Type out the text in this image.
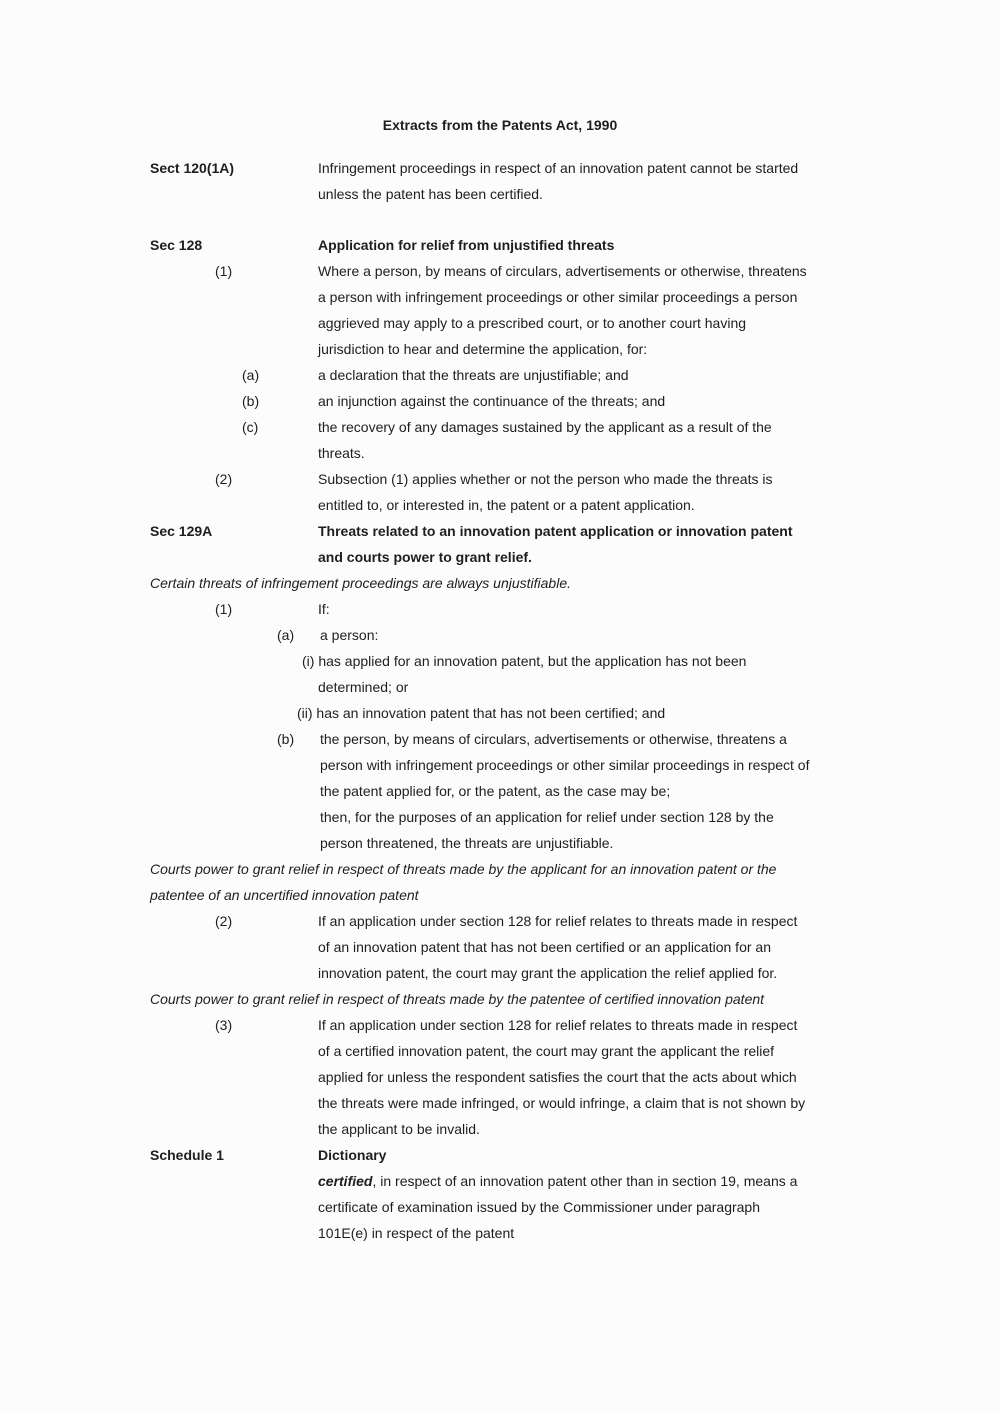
Extracts from the Patents Act, 1990
Sect 120(1A)	Infringement proceedings in respect of an innovation patent cannot be started
unless the patent has been certified.
Sec 128	Application for relief from unjustified threats
(1)	Where a person, by means of circulars, advertisements or otherwise, threatens
a person with infringement proceedings or other similar proceedings a person
aggrieved may apply to a prescribed court, or to another court having
jurisdiction to hear and determine the application, for:
(a)	a declaration that the threats are unjustifiable; and
(b)	an injunction against the continuance of the threats; and
(c)	the recovery of any damages sustained by the applicant as a result of the
threats.
(2)	Subsection (1) applies whether or not the person who made the threats is
entitled to, or interested in, the patent or a patent application.
Sec 129A	Threats related to an innovation patent application or innovation patent
and courts power to grant relief.
Certain threats of infringement proceedings are always unjustifiable.
(1)	If:
(a) a person:
(i) has applied for an innovation patent, but the application has not been
determined; or
(ii) has an innovation patent that has not been certified; and
(b) the person, by means of circulars, advertisements or otherwise, threatens a
person with infringement proceedings or other similar proceedings in respect of
the patent applied for, or the patent, as the case may be;
then, for the purposes of an application for relief under section 128 by the
person threatened, the threats are unjustifiable.
Courts power to grant relief in respect of threats made by the applicant for an innovation patent or the
patentee of an uncertified innovation patent
(2)	If an application under section 128 for relief relates to threats made in respect
of an innovation patent that has not been certified or an application for an
innovation patent, the court may grant the application the relief applied for.
Courts power to grant relief in respect of threats made by the patentee of certified innovation patent
(3)	If an application under section 128 for relief relates to threats made in respect
of a certified innovation patent, the court may grant the applicant the relief
applied for unless the respondent satisfies the court that the acts about which
the threats were made infringed, or would infringe, a claim that is not shown by
the applicant to be invalid.
Schedule 1	Dictionary
certified, in respect of an innovation patent other than in section 19, means a
certificate of examination issued by the Commissioner under paragraph
101E(e) in respect of the patent
